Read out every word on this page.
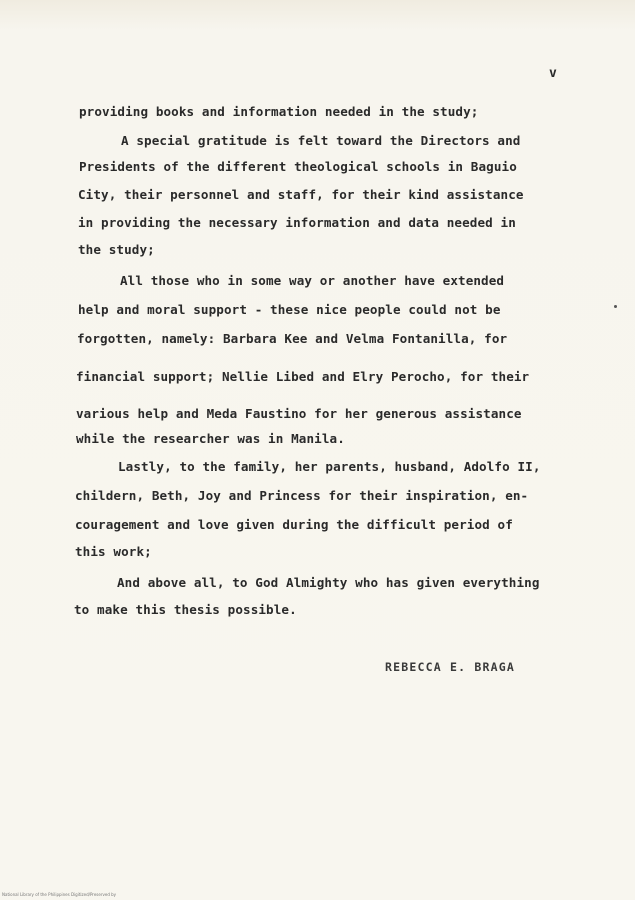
v
providing books and information needed in the study;
A special gratitude is felt toward the Directors and
Presidents of the different theological schools in Baguio
City, their personnel and staff, for their kind assistance
in providing the necessary information and data needed in
the study;
All those who in some way or another have extended
help and moral support - these nice people could not be
forgotten, namely: Barbara Kee and Velma Fontanilla, for
financial support; Nellie Libed and Elry Perocho, for their
various help and Meda Faustino for her generous assistance
while the researcher was in Manila.
Lastly, to the family, her parents, husband, Adolfo II,
childern, Beth, Joy and Princess for their inspiration, en-
couragement and love given during the difficult period of
this work;
And above all, to God Almighty who has given everything
to make this thesis possible.
REBECCA E. BRAGA
National Library of the Philippines Digitized/Preserved by
